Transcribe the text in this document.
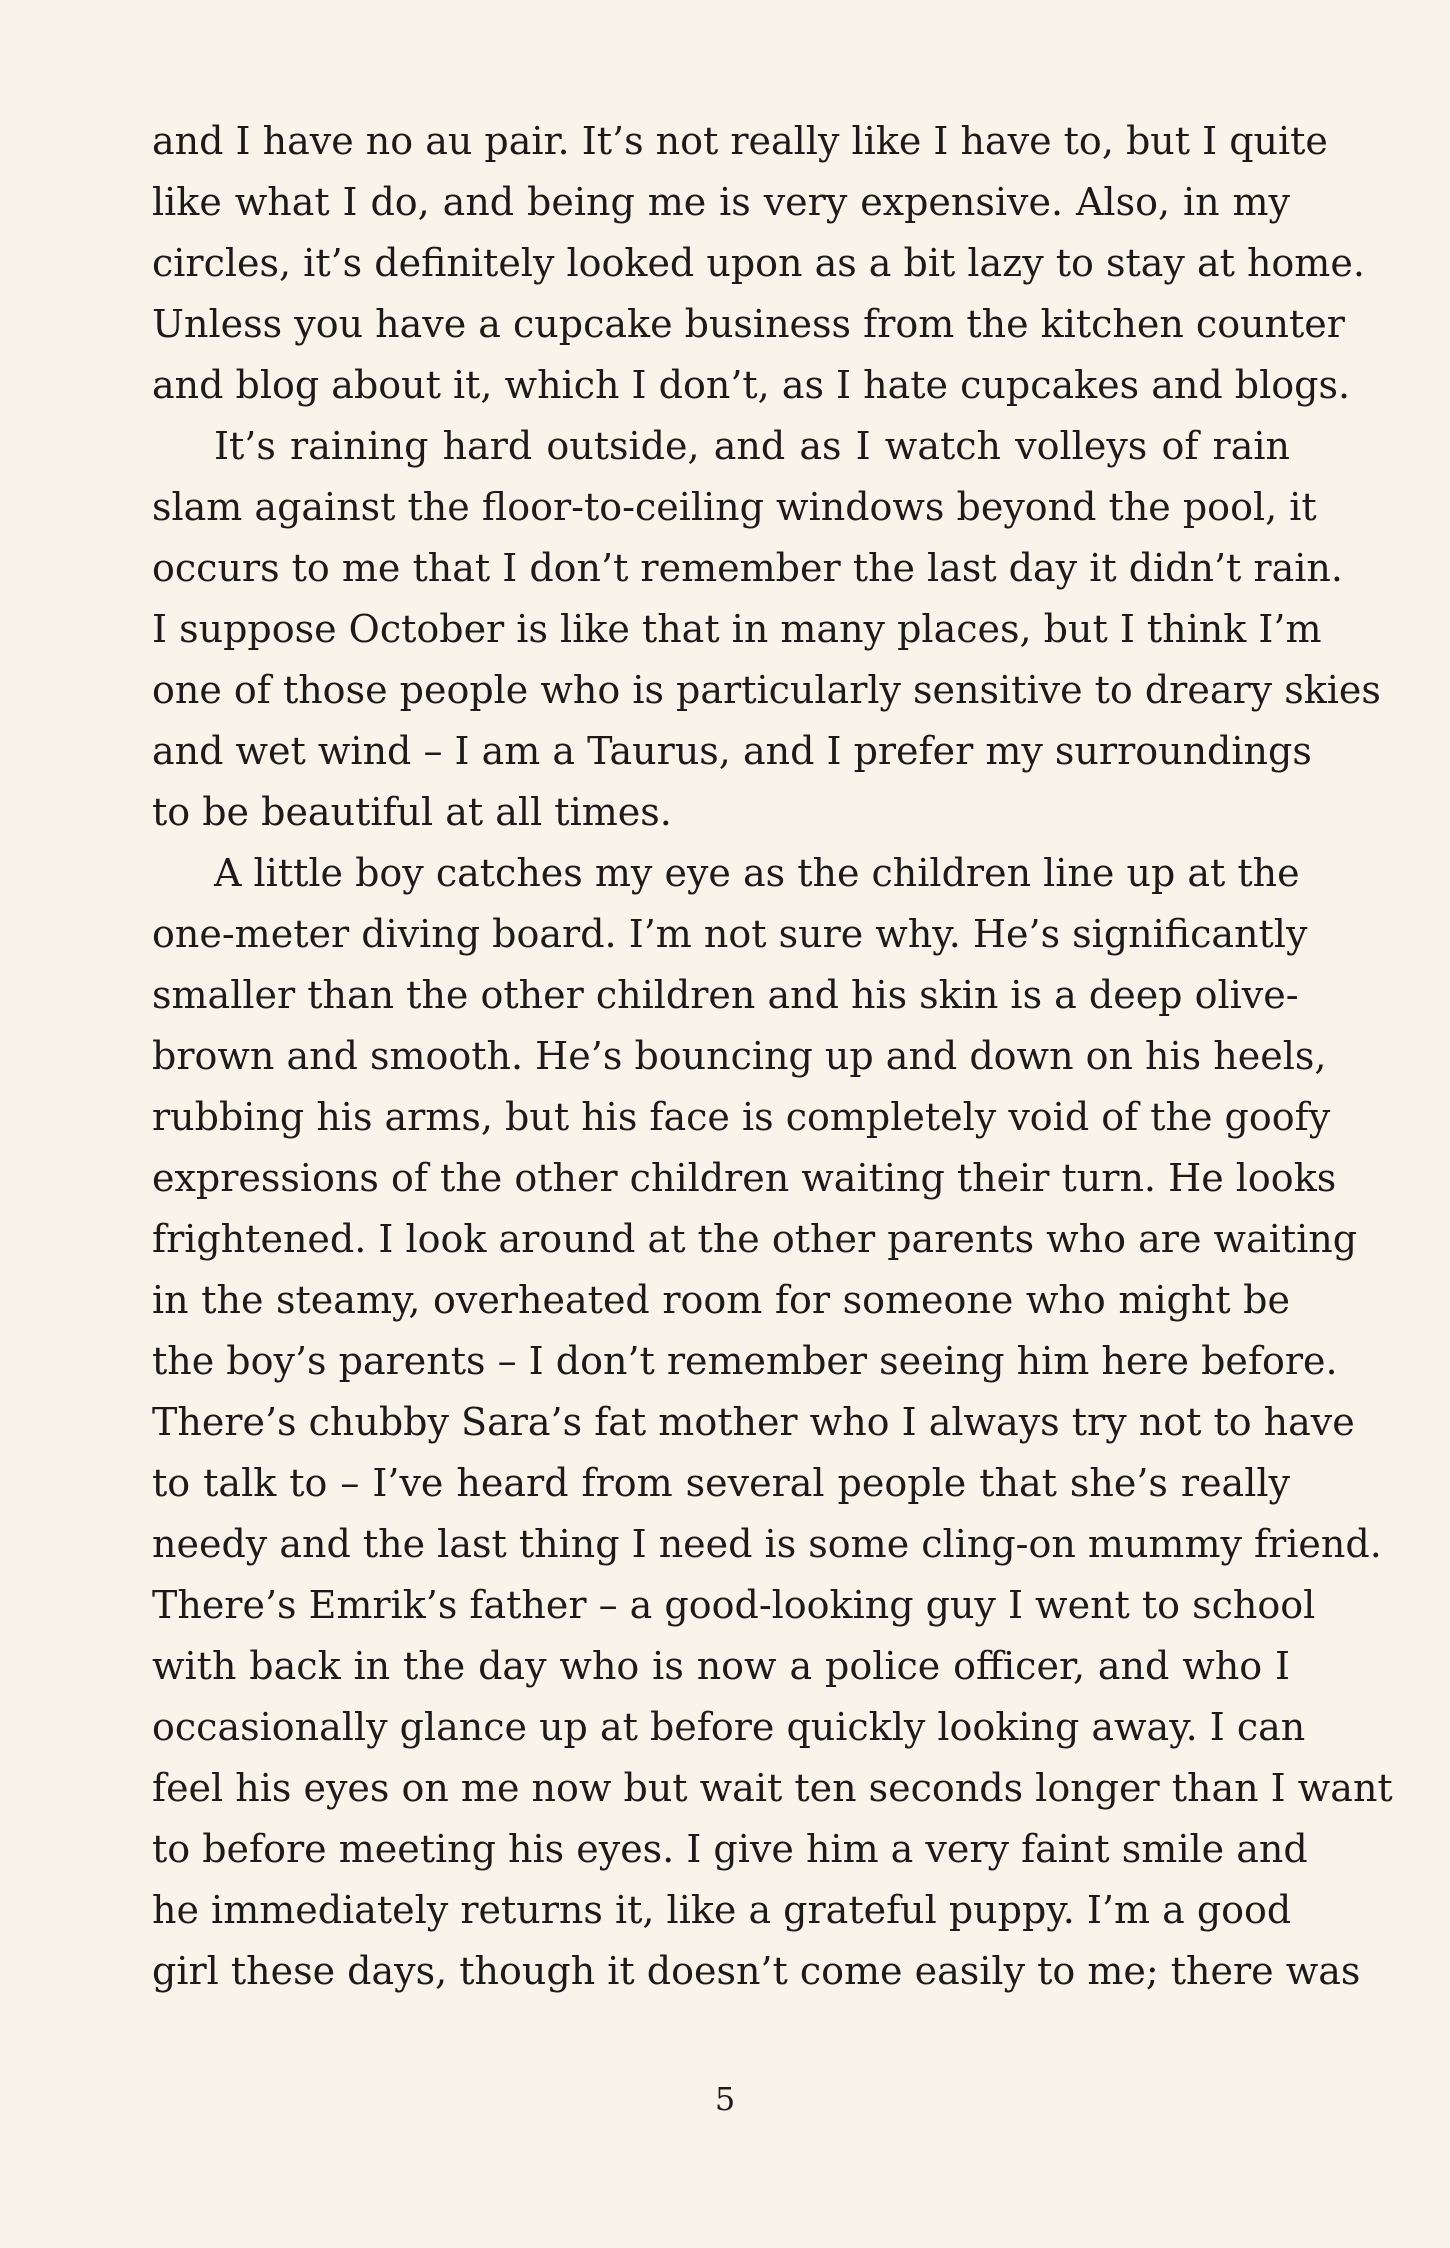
and I have no au pair. It’s not really like I have to, but I quite
like what I do, and being me is very expensive. Also, in my
circles, it’s definitely looked upon as a bit lazy to stay at home.
Unless you have a cupcake business from the kitchen counter
and blog about it, which I don’t, as I hate cupcakes and blogs.
It’s raining hard outside, and as I watch volleys of rain
slam against the floor-to-ceiling windows beyond the pool, it
occurs to me that I don’t remember the last day it didn’t rain.
I suppose October is like that in many places, but I think I’m
one of those people who is particularly sensitive to dreary skies
and wet wind – I am a Taurus, and I prefer my surroundings
to be beautiful at all times.
A little boy catches my eye as the children line up at the
one-meter diving board. I’m not sure why. He’s significantly
smaller than the other children and his skin is a deep olive-
brown and smooth. He’s bouncing up and down on his heels,
rubbing his arms, but his face is completely void of the goofy
expressions of the other children waiting their turn. He looks
frightened. I look around at the other parents who are waiting
in the steamy, overheated room for someone who might be
the boy’s parents – I don’t remember seeing him here before.
There’s chubby Sara’s fat mother who I always try not to have
to talk to – I’ve heard from several people that she’s really
needy and the last thing I need is some cling-on mummy friend.
There’s Emrik’s father – a good-looking guy I went to school
with back in the day who is now a police officer, and who I
occasionally glance up at before quickly looking away. I can
feel his eyes on me now but wait ten seconds longer than I want
to before meeting his eyes. I give him a very faint smile and
he immediately returns it, like a grateful puppy. I’m a good
girl these days, though it doesn’t come easily to me; there was
5
